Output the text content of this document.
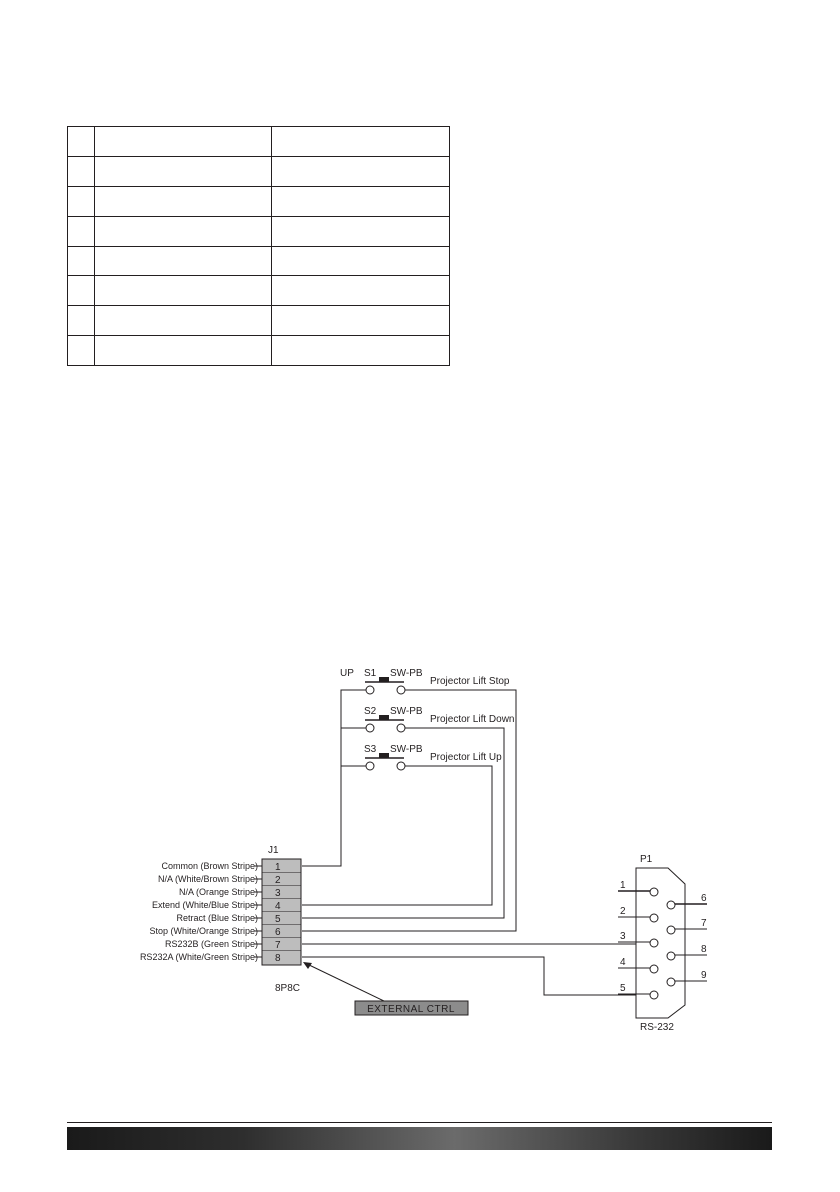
UP S1 SW-PB
Projector Lift Stop
S2 SW-PB
Projector Lift Down
S3 SW-PB
Projector Lift Up
J1
1
Common (Brown Stripe)
2
N/A (White/Brown Stripe)
3
N/A (Orange Stripe)
4
Extend (White/Blue Stripe)
5
Retract (Blue Stripe)
6
Stop (White/Orange Stripe)
7
RS232B (Green Stripe)
8
RS232A (White/Green Stripe)
8P8C
EXTERNAL CTRL
P1
1
2
3
4
5
6
7
8
9
RS-232
